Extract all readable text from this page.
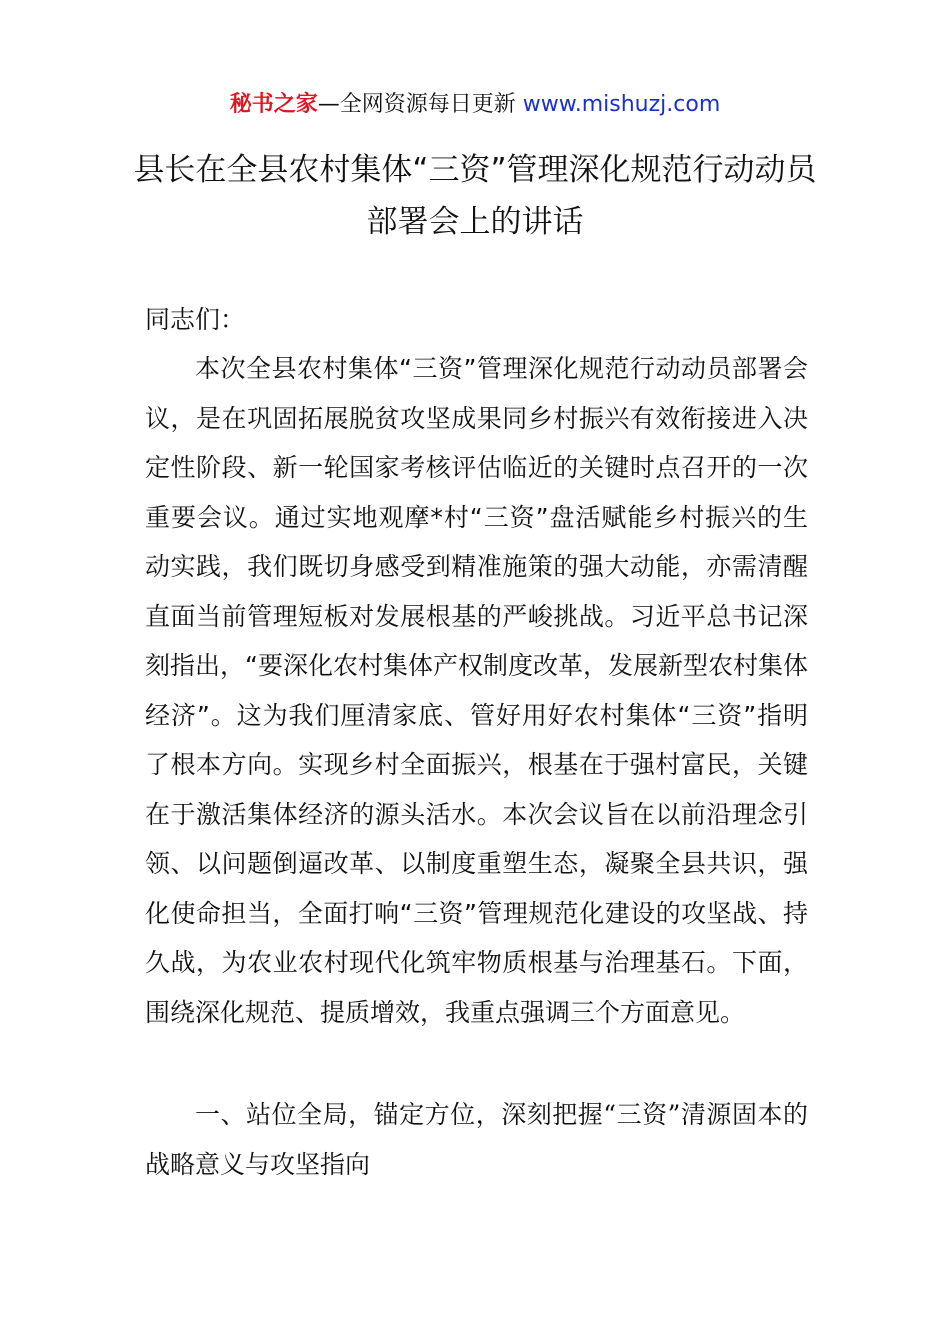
秘书之家—全网资源每日更新 www.mishuzj.com
县长在全县农村集体“三资”管理深化规范行动动员部署会上的讲话
同志们：
本次全县农村集体“三资”管理深化规范行动动员部署会议，是在巩固拓展脱贫攻坚成果同乡村振兴有效衔接进入决定性阶段、新一轮国家考核评估临近的关键时点召开的一次重要会议。通过实地观摩*村“三资”盘活赋能乡村振兴的生动实践，我们既切身感受到精准施策的强大动能，亦需清醒直面当前管理短板对发展根基的严峻挑战。习近平总书记深刻指出，“要深化农村集体产权制度改革，发展新型农村集体经济”。这为我们厘清家底、管好用好农村集体“三资”指明了根本方向。实现乡村全面振兴，根基在于强村富民，关键在于激活集体经济的源头活水。本次会议旨在以前沿理念引领、以问题倒逼改革、以制度重塑生态，凝聚全县共识，强化使命担当，全面打响“三资”管理规范化建设的攻坚战、持久战，为农业农村现代化筑牢物质根基与治理基石。下面，围绕深化规范、提质增效，我重点强调三个方面意见。
一、站位全局，锚定方位，深刻把握“三资”清源固本的战略意义与攻坚指向
